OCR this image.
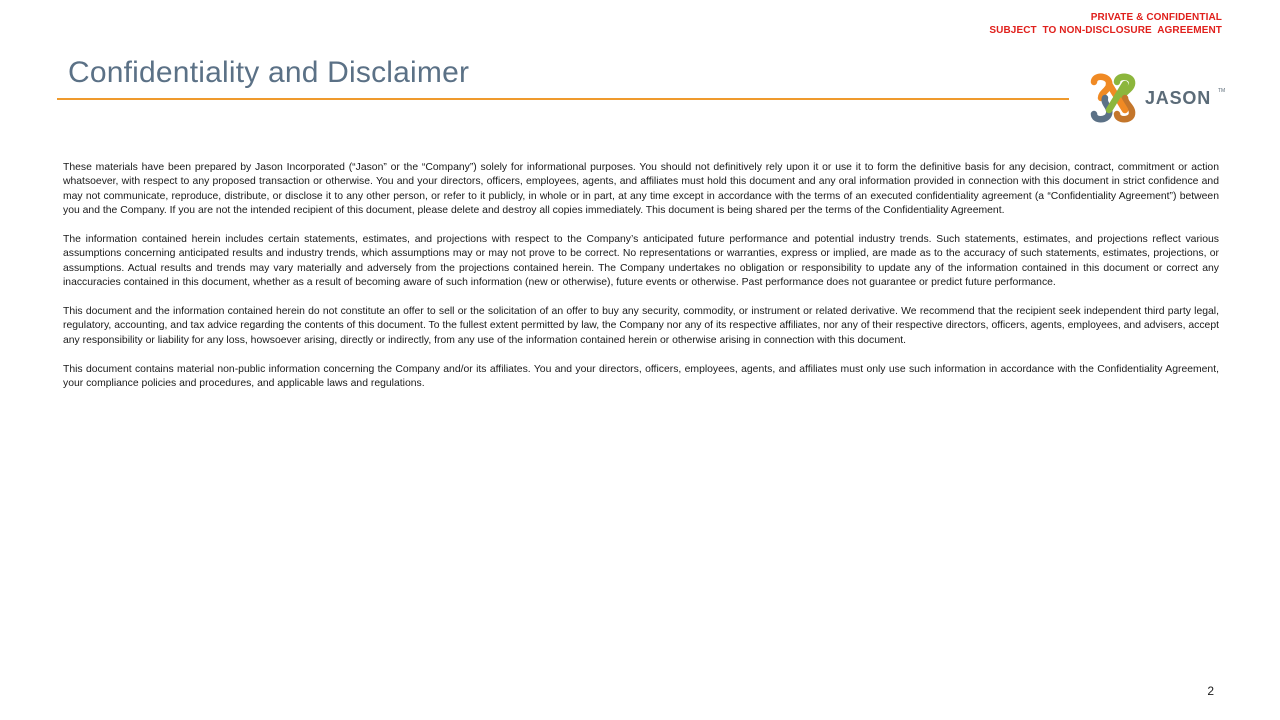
PRIVATE & CONFIDENTIAL
SUBJECT  TO NON-DISCLOSURE  AGREEMENT
Confidentiality and Disclaimer
JASON TM

These materials have been prepared by Jason Incorporated (“Jason” or the “Company”) solely for informational purposes. You should not definitively rely upon it or use it to form the definitive basis for any decision, contract, commitment or action whatsoever, with respect to any proposed transaction or otherwise. You and your directors, officers, employees, agents, and affiliates must hold this document and any oral information provided in connection with this document in strict confidence and may not communicate, reproduce, distribute, or disclose it to any other person, or refer to it publicly, in whole or in part, at any time except in accordance with the terms of an executed confidentiality agreement (a “Confidentiality Agreement”) between you and the Company. If you are not the intended recipient of this document, please delete and destroy all copies immediately. This document is being shared per the terms of the Confidentiality Agreement.

The information contained herein includes certain statements, estimates, and projections with respect to the Company’s anticipated future performance and potential industry trends. Such statements, estimates, and projections reflect various assumptions concerning anticipated results and industry trends, which assumptions may or may not prove to be correct. No representations or warranties, express or implied, are made as to the accuracy of such statements, estimates, projections, or assumptions. Actual results and trends may vary materially and adversely from the projections contained herein. The Company undertakes no obligation or responsibility to update any of the information contained in this document or correct any inaccuracies contained in this document, whether as a result of becoming aware of such information (new or otherwise), future events or otherwise. Past performance does not guarantee or predict future performance.

This document and the information contained herein do not constitute an offer to sell or the solicitation of an offer to buy any security, commodity, or instrument or related derivative. We recommend that the recipient seek independent third party legal, regulatory, accounting, and tax advice regarding the contents of this document. To the fullest extent permitted by law, the Company nor any of its respective affiliates, nor any of their respective directors, officers, agents, employees, and advisers, accept any responsibility or liability for any loss, howsoever arising, directly or indirectly, from any use of the information contained herein or otherwise arising in connection with this document.

This document contains material non-public information concerning the Company and/or its affiliates. You and your directors, officers, employees, agents, and affiliates must only use such information in accordance with the Confidentiality Agreement, your compliance policies and procedures, and applicable laws and regulations.

2
